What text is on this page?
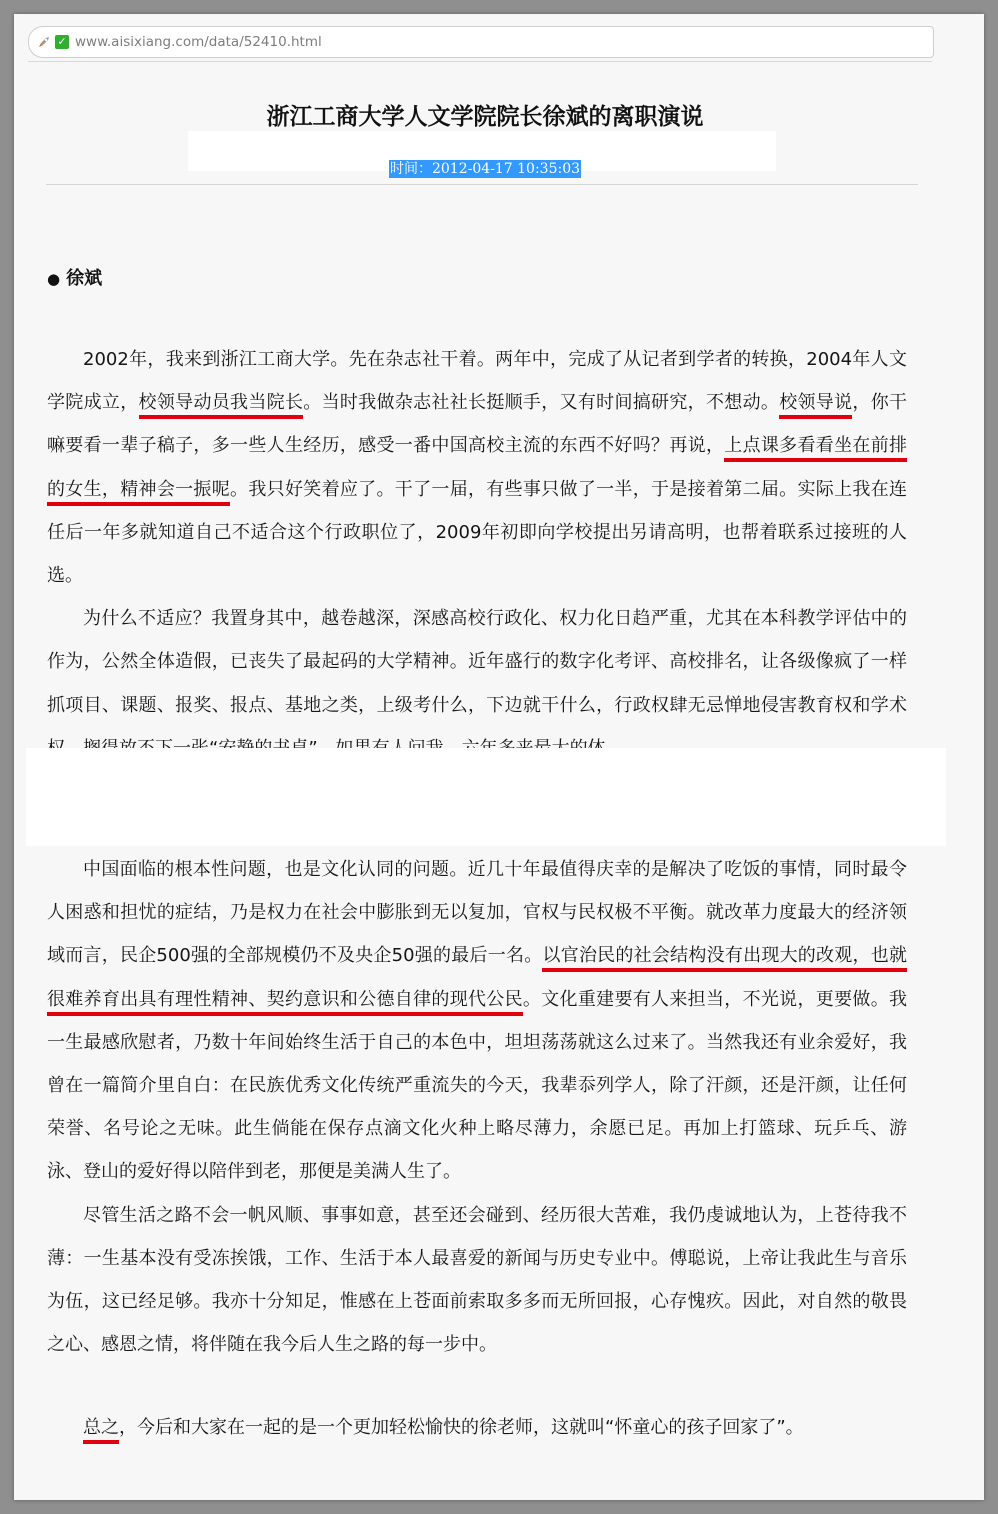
✓ www.aisixiang.com/data/52410.html
浙江工商大学人文学院院长徐斌的离职演说
时间：2012-04-17 10:35:03
● 徐斌

2002年，我来到浙江工商大学。先在杂志社干着。两年中，完成了从记者到学者的转换，2004年人文学院成立，校领导动员我当院长。当时我做杂志社社长挺顺手，又有时间搞研究，不想动。校领导说，你干嘛要看一辈子稿子，多一些人生经历，感受一番中国高校主流的东西不好吗？再说，上点课多看看坐在前排的女生，精神会一振呢。我只好笑着应了。干了一届，有些事只做了一半，于是接着第二届。实际上我在连任后一年多就知道自己不适合这个行政职位了，2009年初即向学校提出另请高明，也帮着联系过接班的人选。

为什么不适应？我置身其中，越卷越深，深感高校行政化、权力化日趋严重，尤其在本科教学评估中的作为，公然全体造假，已丧失了最起码的大学精神。近年盛行的数字化考评、高校排名，让各级像疯了一样抓项目、课题、报奖、报点、基地之类，上级考什么，下边就干什么，行政权肆无忌惮地侵害教育权和学术

中国面临的根本性问题，也是文化认同的问题。近几十年最值得庆幸的是解决了吃饭的事情，同时最令人困惑和担忧的症结，乃是权力在社会中膨胀到无以复加，官权与民权极不平衡。就改革力度最大的经济领域而言，民企500强的全部规模仍不及央企50强的最后一名。以官治民的社会结构没有出现大的改观，也就很难养育出具有理性精神、契约意识和公德自律的现代公民。文化重建要有人来担当，不光说，更要做。我一生最感欣慰者，乃数十年间始终生活于自己的本色中，坦坦荡荡就这么过来了。当然我还有业余爱好，我曾在一篇简介里自白：在民族优秀文化传统严重流失的今天，我辈忝列学人，除了汗颜，还是汗颜，让任何荣誉、名号论之无味。此生倘能在保存点滴文化火种上略尽薄力，余愿已足。再加上打篮球、玩乒乓、游泳、登山的爱好得以陪伴到老，那便是美满人生了。

尽管生活之路不会一帆风顺、事事如意，甚至还会碰到、经历很大苦难，我仍虔诚地认为，上苍待我不薄：一生基本没有受冻挨饿，工作、生活于本人最喜爱的新闻与历史专业中。傅聪说，上帝让我此生与音乐为伍，这已经足够。我亦十分知足，惟感在上苍面前索取多多而无所回报，心存愧疚。因此，对自然的敬畏之心、感恩之情，将伴随在我今后人生之路的每一步中。

总之，今后和大家在一起的是一个更加轻松愉快的徐老师，这就叫“怀童心的孩子回家了”。
